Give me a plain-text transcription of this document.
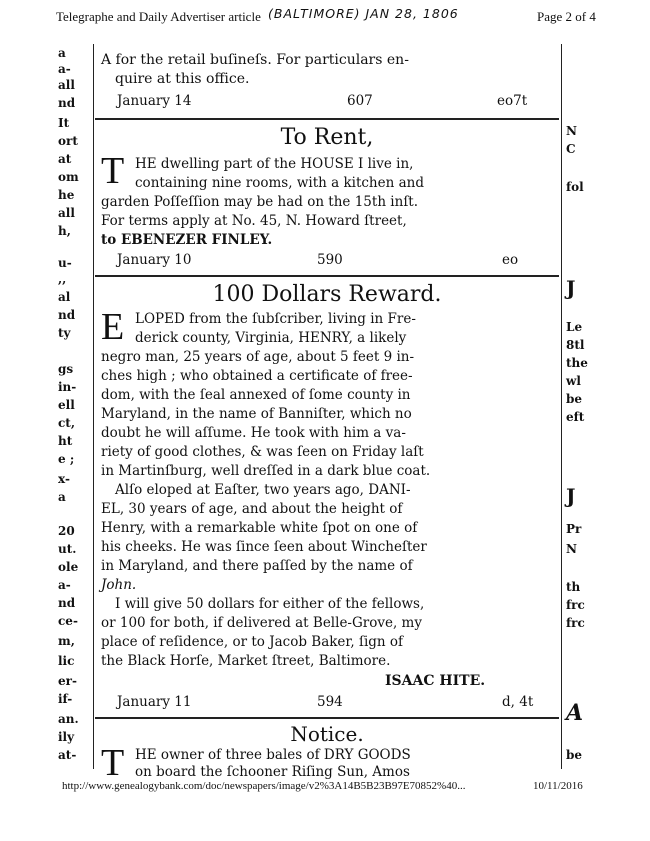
Telegraphe and Daily Advertiser article (BALTIMORE) JAN 28, 1806	Page 2 of 4
a
a-
all
nd
It
ort
at
om
he
all
h,
u-
,,
al
nd
ty
gs
in-
ell
ct,
ht
e ;
x-
a
20
ut.
ole
a-
nd
ce-
m,
lic
er-
if-
an.
ily
at-
A for the retail buſineſs. For particulars en-
quire at this office.
January 14	607	eo7t
To Rent,
T HE dwelling part of the HOUSE I live in,
containing nine rooms, with a kitchen and
garden Poſſeſſion may be had on the 15th inſt.
For terms apply at No. 45, N. Howard ſtreet,
to EBENEZER FINLEY.
January 10	590	eo
100 Dollars Reward.
E LOPED from the ſubſcriber, living in Fre-
derick county, Virginia, HENRY, a likely
negro man, 25 years of age, about 5 feet 9 in-
ches high ; who obtained a certificate of free-
dom, with the ſeal annexed of ſome county in
Maryland, in the name of Banniſter, which no
doubt he will aſſume. He took with him a va-
riety of good clothes, & was ſeen on Friday laſt
in Martinſburg, well dreſſed in a dark blue coat.
Alſo eloped at Eaſter, two years ago, DANI-
EL, 30 years of age, and about the height of
Henry, with a remarkable white ſpot on one of
his cheeks. He was ſince ſeen about Wincheſter
in Maryland, and there paſſed by the name of
John.
I will give 50 dollars for either of the fellows,
or 100 for both, if delivered at Belle-Grove, my
place of reſidence, or to Jacob Baker, ſign of
the Black Horſe, Market ſtreet, Baltimore.
ISAAC HITE.
January 11	594	d, 4t
Notice.
T HE owner of three bales of DRY GOODS
on board the ſchooner Riſing Sun, Amos
N
C
fol
J
Le
8tl
the
wl
be
eft
J
Pr
N
th
frc
frc
A
be
http://www.genealogybank.com/doc/newspapers/image/v2%3A14B5B23B97E70852%40...	10/11/2016
